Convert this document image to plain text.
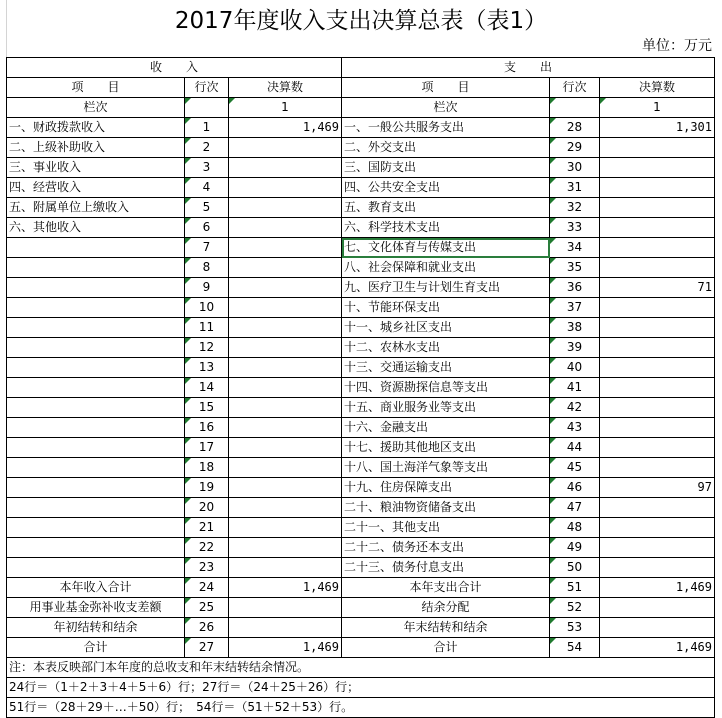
2017年度收入支出决算总表（表1）
单位：万元
收　　入			支　　出		
项　　目	行次	决算数	项　　目	行次	决算数
栏次		1	栏次		1
一、财政拨款收入	1	1,469	一、一般公共服务支出	28	1,301
二、上级补助收入	2		二、外交支出	29	
三、事业收入	3		三、国防支出	30	
四、经营收入	4		四、公共安全支出	31	
五、附属单位上缴收入	5		五、教育支出	32	
六、其他收入	6		六、科学技术支出	33	
	7		七、文化体育与传媒支出	34	
	8		八、社会保障和就业支出	35	
	9		九、医疗卫生与计划生育支出	36	71
	10		十、节能环保支出	37	
	11		十一、城乡社区支出	38	
	12		十二、农林水支出	39	
	13		十三、交通运输支出	40	
	14		十四、资源勘探信息等支出	41	
	15		十五、商业服务业等支出	42	
	16		十六、金融支出	43	
	17		十七、援助其他地区支出	44	
	18		十八、国土海洋气象等支出	45	
	19		十九、住房保障支出	46	97
	20		二十、粮油物资储备支出	47	
	21		二十一、其他支出	48	
	22		二十二、债务还本支出	49	
	23		二十三、债务付息支出	50	
本年收入合计	24	1,469	本年支出合计	51	1,469
用事业基金弥补收支差额	25		结余分配	52	
年初结转和结余	26		年末结转和结余	53	
合计	27	1,469	合计	54	1,469
注：本表反映部门本年度的总收支和年末结转结余情况。					
24行＝（1＋2＋3＋4＋5＋6）行；27行＝（24＋25＋26）行；					
51行＝（28＋29＋…＋50）行；　54行＝（51＋52＋53）行。					
